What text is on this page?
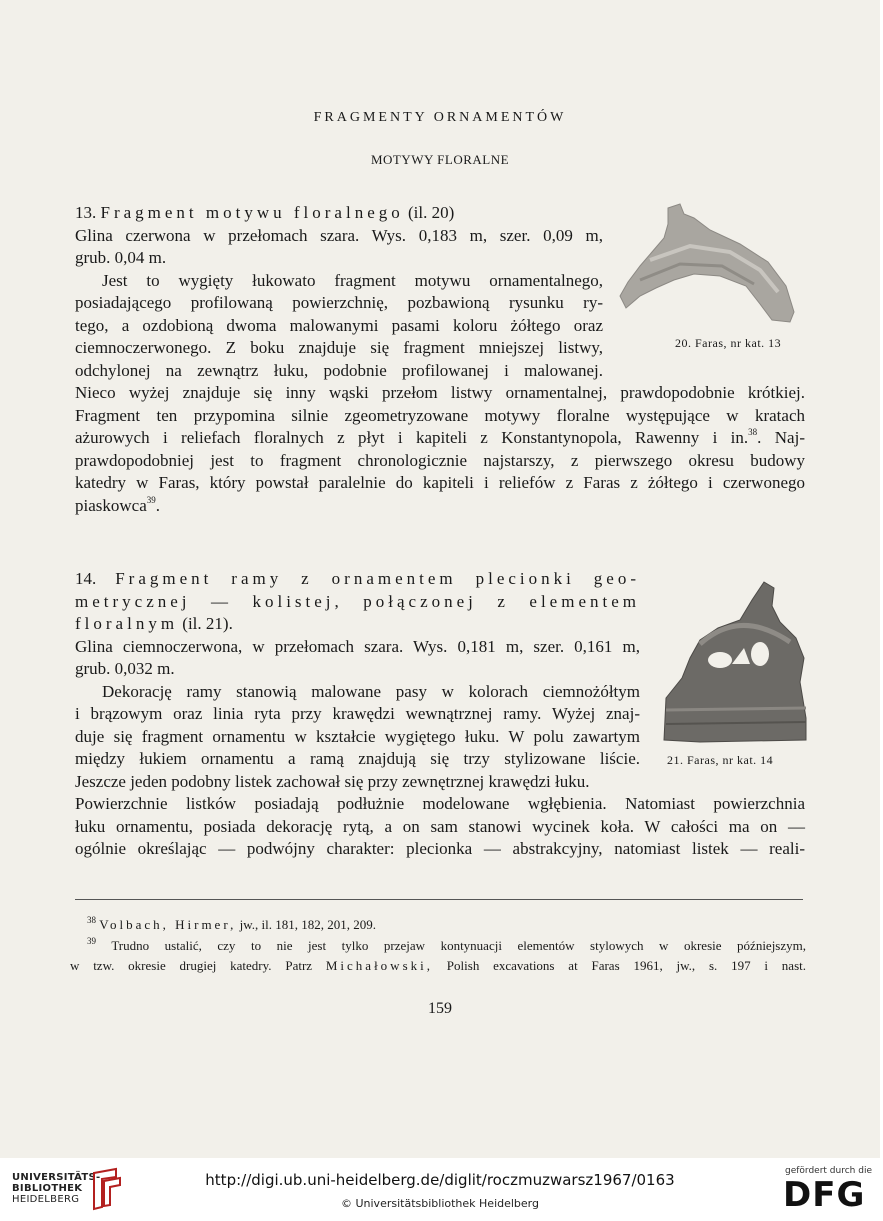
FRAGMENTY ORNAMENTÓW
MOTYWY FLORALNE
13. Fragment motywu floralnego (il. 20)
Glina czerwona w przełomach szara. Wys. 0,183 m, szer. 0,09 m,
grub. 0,04 m.
Jest to wygięty łukowato fragment motywu ornamentalnego,
posiadającego profilowaną powierzchnię, pozbawioną rysunku ry-
tego, a ozdobioną dwoma malowanymi pasami koloru żółtego oraz
ciemnoczerwonego. Z boku znajduje się fragment mniejszej listwy,
odchylonej na zewnątrz łuku, podobnie profilowanej i malowanej.
Nieco wyżej znajduje się inny wąski przełom listwy ornamentalnej, prawdopodobnie krótkiej.
Fragment ten przypomina silnie zgeometryzowane motywy floralne występujące w kratach
ażurowych i reliefach floralnych z płyt i kapiteli z Konstantynopola, Rawenny i in.$^{38}$. Naj-
prawdopodobniej jest to fragment chronologicznie najstarszy, z pierwszego okresu budowy
katedry w Faras, który powstał paralelnie do kapiteli i reliefów z Faras z żółtego i czerwonego
piaskowca$^{39}$.
20. Faras, nr kat. 13
14. Fragment ramy z ornamentem plecionki geo-
metrycznej — kolistej, połączonej z elementem
floralnym (il. 21).
Glina ciemnoczerwona, w przełomach szara. Wys. 0,181 m, szer. 0,161 m,
grub. 0,032 m.
Dekorację ramy stanowią malowane pasy w kolorach ciemnożółtym
i brązowym oraz linia ryta przy krawędzi wewnątrznej ramy. Wyżej znaj-
duje się fragment ornamentu w kształcie wygiętego łuku. W polu zawartym
między łukiem ornamentu a ramą znajdują się trzy stylizowane liście.
Jeszcze jeden podobny listek zachował się przy zewnętrznej krawędzi łuku.
Powierzchnie listków posiadają podłużnie modelowane wgłębienia. Natomiast powierzchnia
łuku ornamentu, posiada dekorację rytą, a on sam stanowi wycinek koła. W całości ma on —
ogólnie określając — podwójny charakter: plecionka — abstrakcyjny, natomiast listek — reali-
21. Faras, nr kat. 14
$^{38}$ Volbach, Hirmer, jw., il. 181, 182, 201, 209.
$^{39}$ Trudno ustalić, czy to nie jest tylko przejaw kontynuacji elementów stylowych w okresie późniejszym,
w tzw. okresie drugiej katedry. Patrz Michałowski, Polish excavations at Faras 1961, jw., s. 197 i nast.
159
UNIVERSITÄTS-
BIBLIOTHEK
HEIDELBERG
http://digi.ub.uni-heidelberg.de/diglit/roczmuzwarsz1967/0163
© Universitätsbibliothek Heidelberg
gefördert durch die
DFG
